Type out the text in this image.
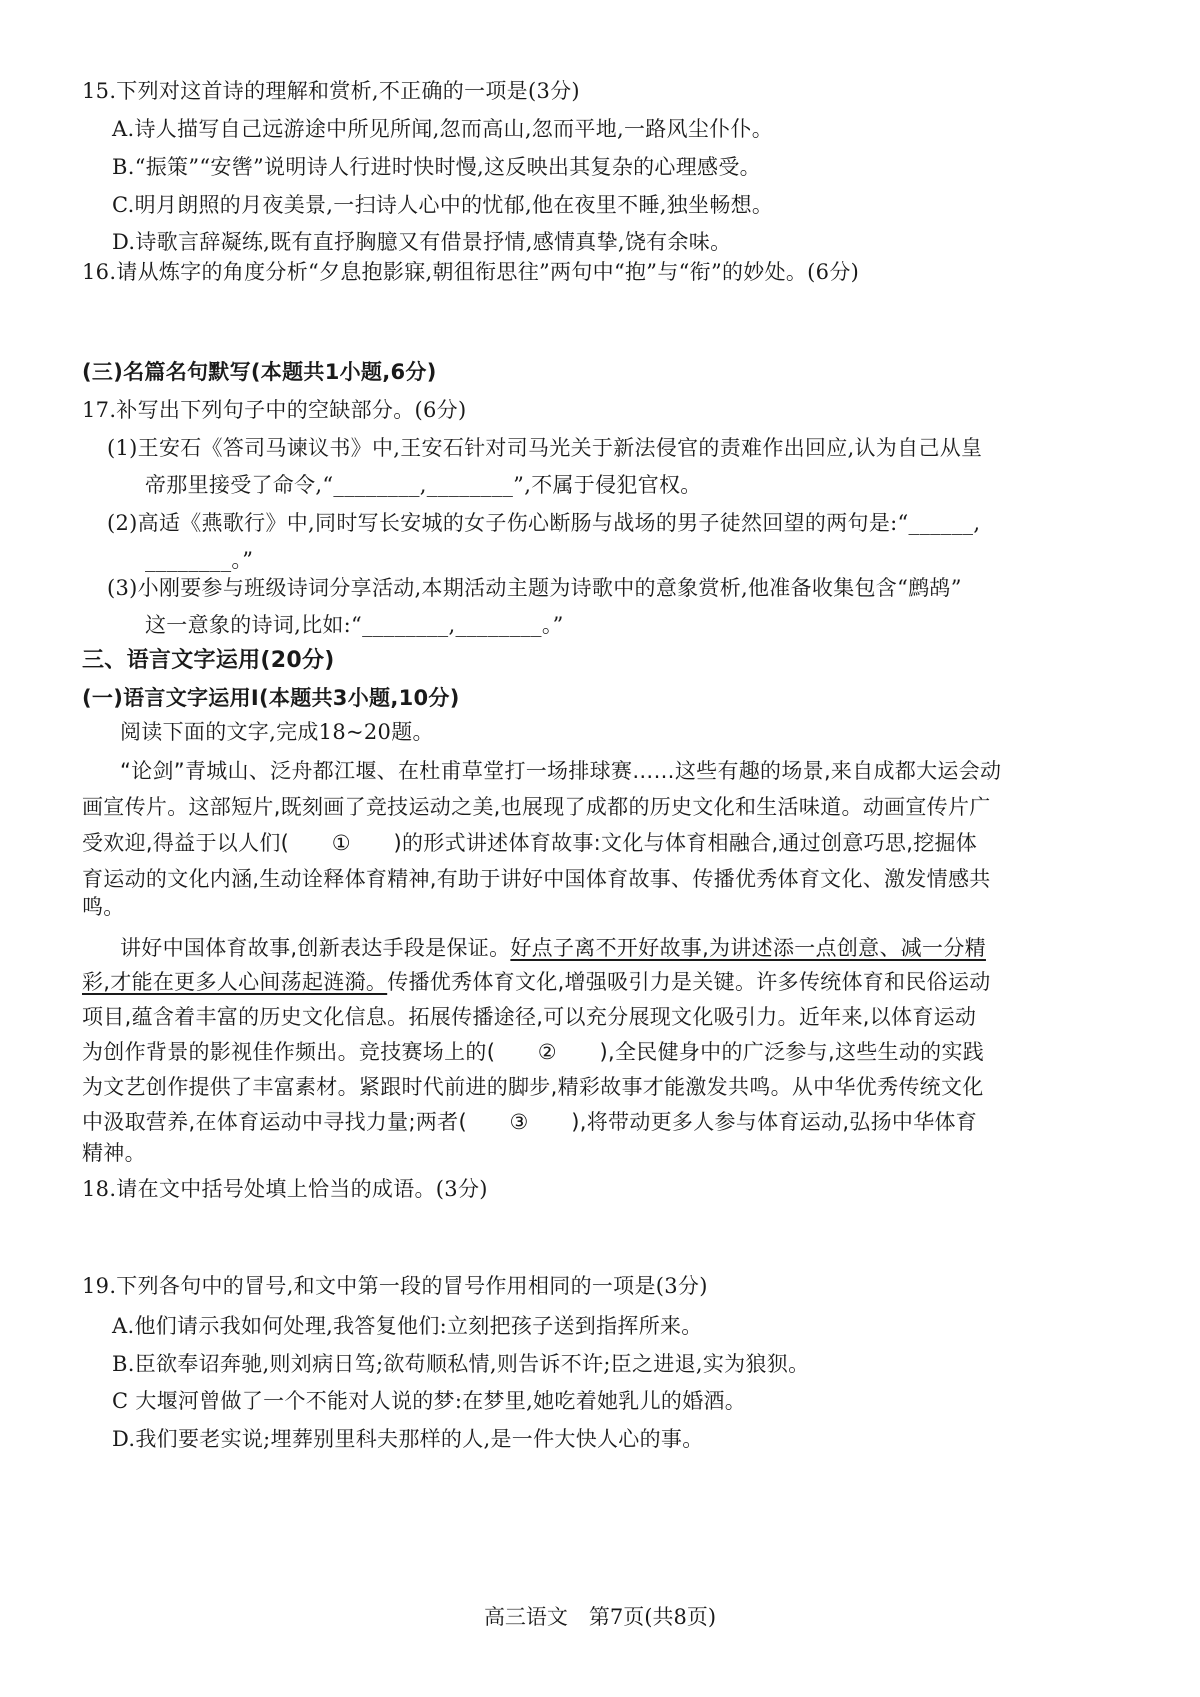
15.下列对这首诗的理解和赏析,不正确的一项是(3分)
A.诗人描写自己远游途中所见所闻,忽而高山,忽而平地,一路风尘仆仆。
B.“振策”“安辔”说明诗人行进时快时慢,这反映出其复杂的心理感受。
C.明月朗照的月夜美景,一扫诗人心中的忧郁,他在夜里不睡,独坐畅想。
D.诗歌言辞凝练,既有直抒胸臆又有借景抒情,感情真挚,饶有余味。
16.请从炼字的角度分析“夕息抱影寐,朝徂衔思往”两句中“抱”与“衔”的妙处。(6分)
(三)名篇名句默写(本题共1小题,6分)
17.补写出下列句子中的空缺部分。(6分)
(1)王安石《答司马谏议书》中,王安石针对司马光关于新法侵官的责难作出回应,认为自己从皇
帝那里接受了命令,“________,________”,不属于侵犯官权。
(2)高适《燕歌行》中,同时写长安城的女子伤心断肠与战场的男子徒然回望的两句是:“______,
________。”
(3)小刚要参与班级诗词分享活动,本期活动主题为诗歌中的意象赏析,他准备收集包含“鹧鸪”
这一意象的诗词,比如:“________,________。”
三、语言文字运用(20分)
(一)语言文字运用Ⅰ(本题共3小题,10分)
阅读下面的文字,完成18~20题。
“论剑”青城山、泛舟都江堰、在杜甫草堂打一场排球赛……这些有趣的场景,来自成都大运会动
画宣传片。这部短片,既刻画了竞技运动之美,也展现了成都的历史文化和生活味道。动画宣传片广
受欢迎,得益于以人们(　　①　　)的形式讲述体育故事:文化与体育相融合,通过创意巧思,挖掘体
育运动的文化内涵,生动诠释体育精神,有助于讲好中国体育故事、传播优秀体育文化、激发情感共
鸣。
讲好中国体育故事,创新表达手段是保证。好点子离不开好故事,为讲述添一点创意、减一分精
彩,才能在更多人心间荡起涟漪。传播优秀体育文化,增强吸引力是关键。许多传统体育和民俗运动
项目,蕴含着丰富的历史文化信息。拓展传播途径,可以充分展现文化吸引力。近年来,以体育运动
为创作背景的影视佳作频出。竞技赛场上的(　　②　　),全民健身中的广泛参与,这些生动的实践
为文艺创作提供了丰富素材。紧跟时代前进的脚步,精彩故事才能激发共鸣。从中华优秀传统文化
中汲取营养,在体育运动中寻找力量;两者(　　③　　),将带动更多人参与体育运动,弘扬中华体育
精神。
18.请在文中括号处填上恰当的成语。(3分)
19.下列各句中的冒号,和文中第一段的冒号作用相同的一项是(3分)
A.他们请示我如何处理,我答复他们:立刻把孩子送到指挥所来。
B.臣欲奉诏奔驰,则刘病日笃;欲苟顺私情,则告诉不许;臣之进退,实为狼狈。
C 大堰河曾做了一个不能对人说的梦:在梦里,她吃着她乳儿的婚酒。
D.我们要老实说;埋葬别里科夫那样的人,是一件大快人心的事。
高三语文　第7页(共8页)
